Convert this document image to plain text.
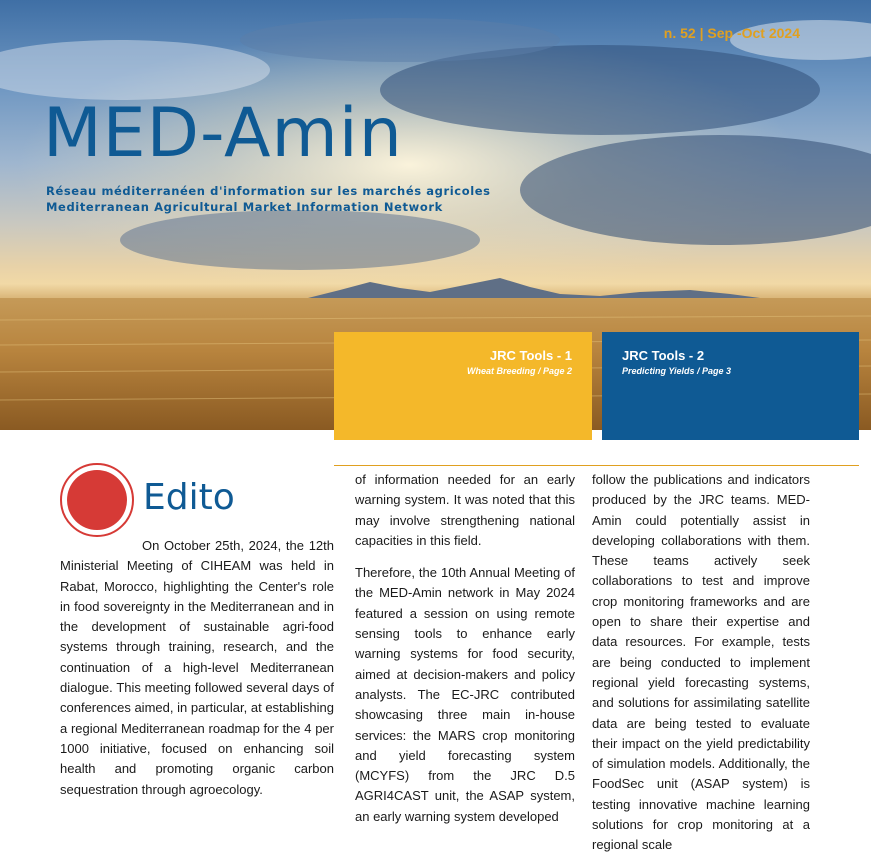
n. 52 | Sep -Oct 2024
MED-Amin
Réseau méditerranéen d'information sur les marchés agricoles
Mediterranean Agricultural Market Information Network
JRC Tools - 1
Wheat Breeding / Page 2
JRC Tools - 2
Predicting Yields / Page 3
Edito

On October 25th, 2024, the 12th Ministerial Meeting of CIHEAM was held in Rabat, Morocco, highlighting the Center's role in food sovereignty in the Mediterranean and in the development of sustainable agri-food systems through training, research, and the continuation of a high-level Mediterranean dialogue. This meeting followed several days of conferences aimed, in particular, at establishing a regional Mediterranean roadmap for the 4 per 1000 initiative, focused on enhancing soil health and promoting organic carbon sequestration through agroecology.

of information needed for an early warning system. It was noted that this may involve strengthening national capacities in this field.

Therefore, the 10th Annual Meeting of the MED-Amin network in May 2024 featured a session on using remote sensing tools to enhance early warning systems for food security, aimed at decision-makers and policy analysts. The EC-JRC contributed showcasing three main in-house services: the MARS crop monitoring and yield forecasting system (MCYFS) from the JRC D.5 AGRI4CAST unit, the ASAP system, an early warning system developed

follow the publications and indicators produced by the JRC teams. MED-Amin could potentially assist in developing collaborations with them. These teams actively seek collaborations to test and improve crop monitoring frameworks and are open to share their expertise and data resources. For example, tests are being conducted to implement regional yield forecasting systems, and solutions for assimilating satellite data are being tested to evaluate their impact on the yield predictability of simulation models. Additionally, the FoodSec unit (ASAP system) is testing innovative machine learning solutions for crop monitoring at a regional scale
